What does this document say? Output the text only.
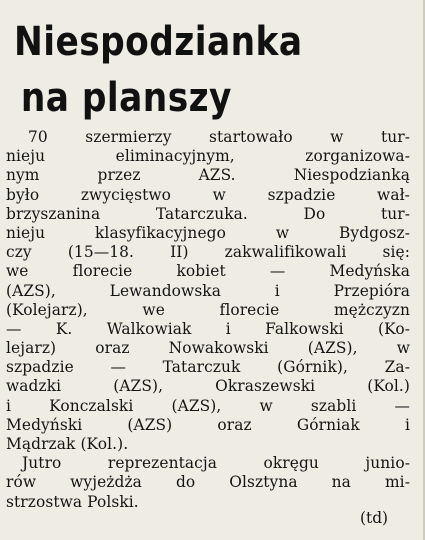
Niespodzianka
na planszy
70 szermierzy startowało w tur-
nieju eliminacyjnym, zorganizowa-
nym przez AZS. Niespodzianką
było zwycięstwo w szpadzie wał-
brzyszanina Tatarczuka. Do tur-
nieju klasyfikacyjnego w Bydgosz-
czy (15—18. II) zakwalifikowali się:
we florecie kobiet — Medyńska
(AZS), Lewandowska i Przepióra
(Kolejarz), we florecie mężczyzn
— K. Walkowiak i Falkowski (Ko-
lejarz) oraz Nowakowski (AZS), w
szpadzie — Tatarczuk (Górnik), Za-
wadzki (AZS), Okraszewski (Kol.)
i Konczalski (AZS), w szabli —
Medyński (AZS) oraz Górniak i
Mądrzak (Kol.).
Jutro reprezentacja okręgu junio-
rów wyjeżdża do Olsztyna na mi-
strzostwa Polski.
(td)
